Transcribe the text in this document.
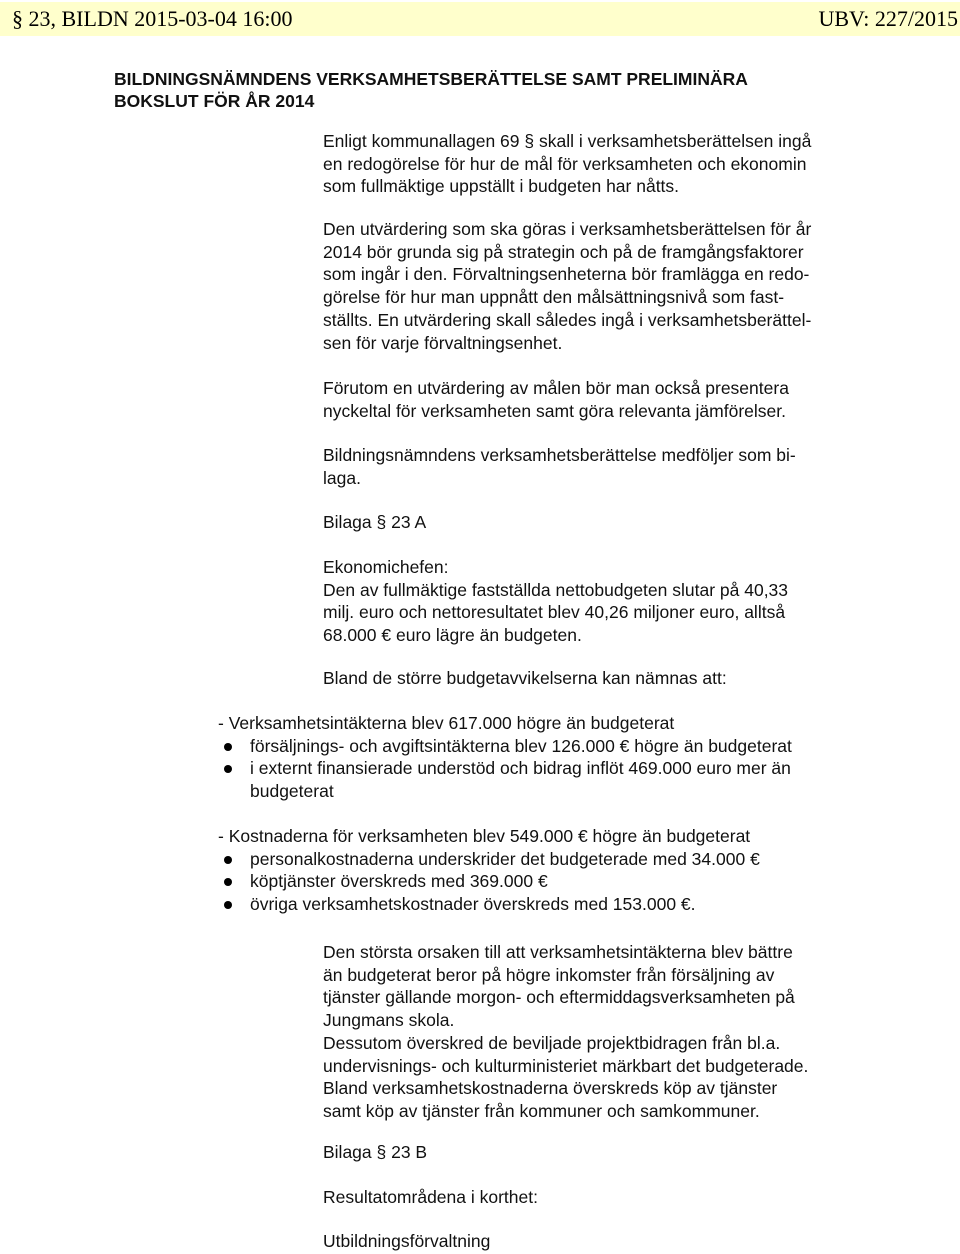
§ 23, BILDN 2015-03-04 16:00	UBV: 227/2015
BILDNINGSNÄMNDENS VERKSAMHETSBERÄTTELSE SAMT PRELIMINÄRA
BOKSLUT FÖR ÅR 2014
Enligt kommunallagen 69 § skall i verksamhetsberättelsen ingå
en redogörelse för hur de mål för verksamheten och ekonomin
som fullmäktige uppställt i budgeten har nåtts.
Den utvärdering som ska göras i verksamhetsberättelsen för år
2014 bör grunda sig på strategin och på de framgångsfaktorer
som ingår i den. Förvaltningsenheterna bör framlägga en redo-
görelse för hur man uppnått den målsättningsnivå som fast-
ställts. En utvärdering skall således ingå i verksamhetsberättel-
sen för varje förvaltningsenhet.
Förutom en utvärdering av målen bör man också presentera
nyckeltal för verksamheten samt göra relevanta jämförelser.
Bildningsnämndens verksamhetsberättelse medföljer som bi-
laga.
Bilaga § 23 A
Ekonomichefen:
Den av fullmäktige fastställda nettobudgeten slutar på 40,33
milj. euro och nettoresultatet blev 40,26 miljoner euro, alltså
68.000 € euro lägre än budgeten.
Bland de större budgetavvikelserna kan nämnas att:
- Verksamhetsintäkterna blev 617.000 högre än budgeterat
försäljnings- och avgiftsintäkterna blev 126.000 € högre än budgeterat
i externt finansierade understöd och bidrag inflöt 469.000 euro mer än
budgeterat
- Kostnaderna för verksamheten blev 549.000 € högre än budgeterat
personalkostnaderna underskrider det budgeterade med 34.000 €
köptjänster överskreds med 369.000 €
övriga verksamhetskostnader överskreds med 153.000 €.
Den största orsaken till att verksamhetsintäkterna blev bättre
än budgeterat beror på högre inkomster från försäljning av
tjänster gällande morgon- och eftermiddagsverksamheten på
Jungmans skola.
Dessutom överskred de beviljade projektbidragen från bl.a.
undervisnings- och kulturministeriet märkbart det budgeterade.
Bland verksamhetskostnaderna överskreds köp av tjänster
samt köp av tjänster från kommuner och samkommuner.
Bilaga § 23 B
Resultatområdena i korthet:
Utbildningsförvaltning
